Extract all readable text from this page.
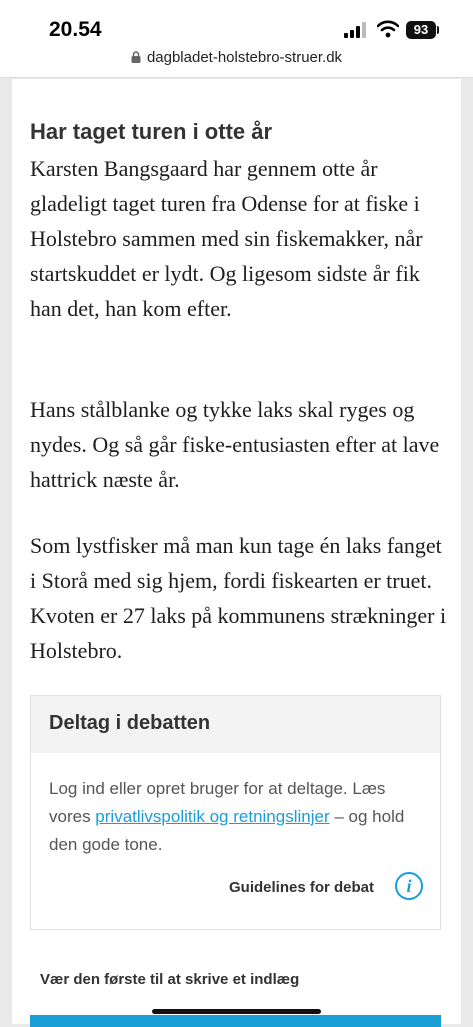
20.54	93
dagbladet-holstebro-struer.dk
Har taget turen i otte år

Karsten Bangsgaard har gennem otte år gladeligt taget turen fra Odense for at fiske i Holstebro sammen med sin fiskemakker, når startskuddet er lydt. Og ligesom sidste år fik han det, han kom efter.

Hans stålblanke og tykke laks skal ryges og nydes. Og så går fiske-entusiasten efter at lave hattrick næste år.

Som lystfisker må man kun tage én laks fanget i Storå med sig hjem, fordi fiskearten er truet. Kvoten er 27 laks på kommunens strækninger i Holstebro.

Deltag i debatten

Log ind eller opret bruger for at deltage. Læs vores privatlivspolitik og retningslinjer – og hold den gode tone.

Guidelines for debat	i
Vær den første til at skrive et indlæg
